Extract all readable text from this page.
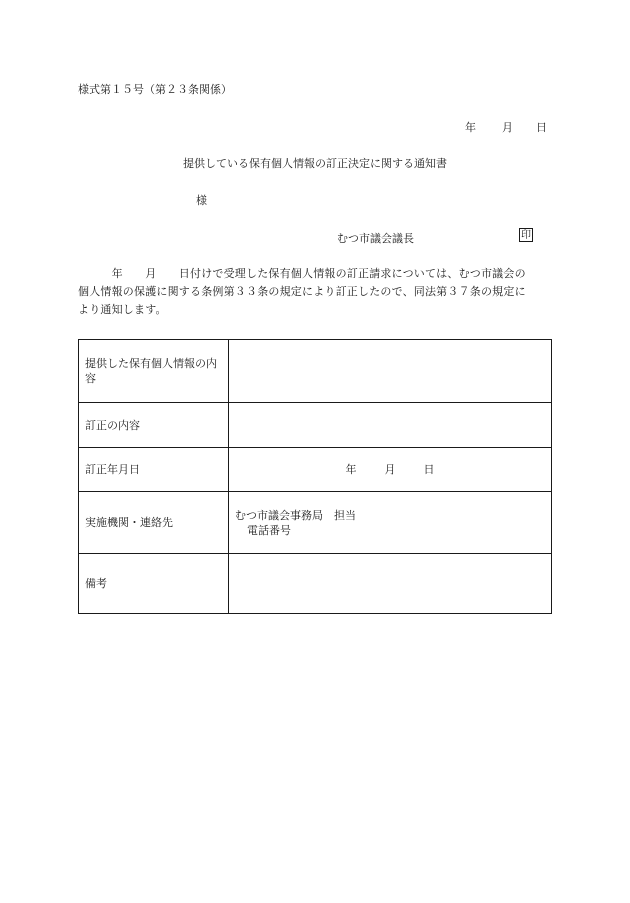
様式第１５号（第２３条関係）
年 月 日
提供している保有個人情報の訂正決定に関する通知書
様
むつ市議会議長	印
　　　年　　月　　日付けで受理した保有個人情報の訂正請求については、むつ市議会の
個人情報の保護に関する条例第３３条の規定により訂正したので、同法第３７条の規定に
より通知します。
提供した保有個人情報の内容	
訂正の内容	
訂正年月日	年 月 日
実施機関・連絡先	むつ市議会事務局　担当
電話番号

備考	
